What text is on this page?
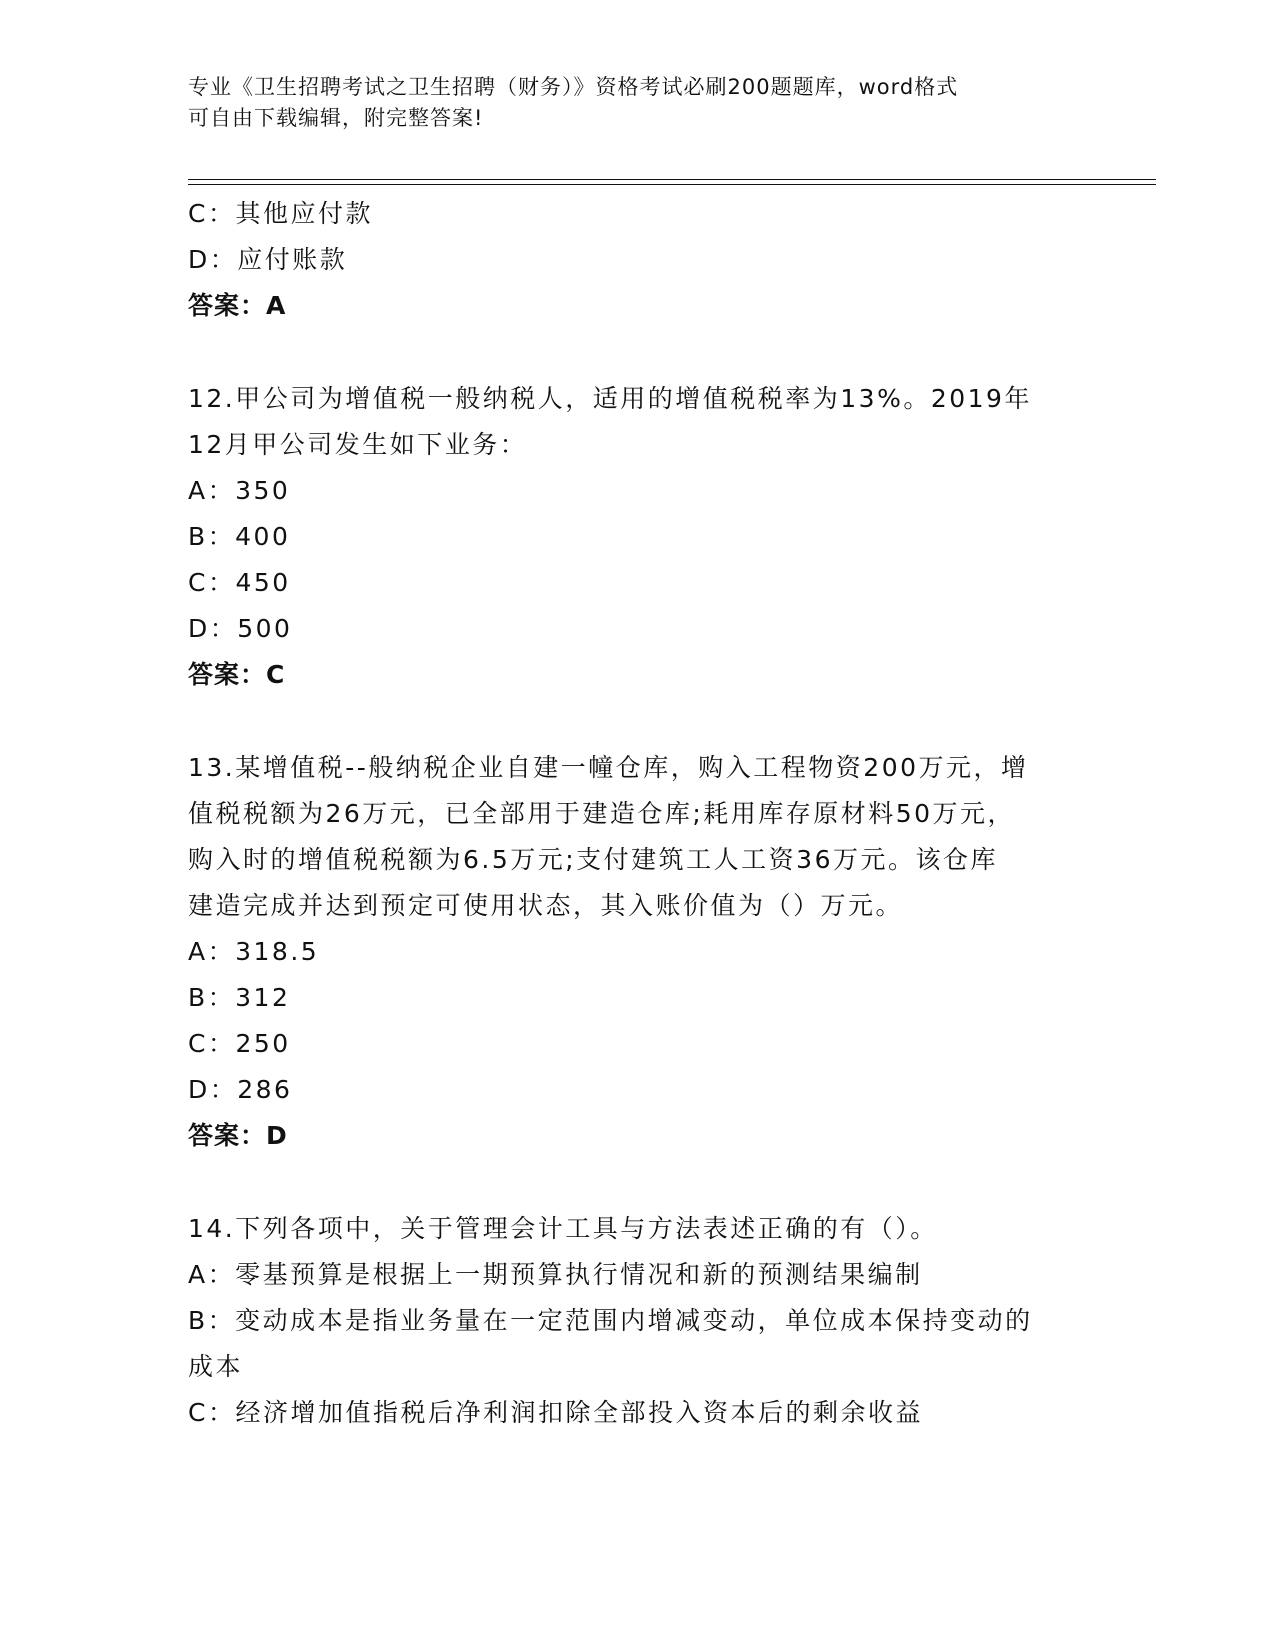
专业《卫生招聘考试之卫生招聘（财务）》资格考试必刷200题题库，word格式
可自由下载编辑，附完整答案!
C：其他应付款
D：应付账款
答案：A
12.甲公司为增值税一般纳税人，适用的增值税税率为13%。2019年
12月甲公司发生如下业务：
A：350
B：400
C：450
D：500
答案：C
13.某增值税--般纳税企业自建一幢仓库，购入工程物资200万元，增
值税税额为26万元，已全部用于建造仓库;耗用库存原材料50万元，
购入时的增值税税额为6.5万元;支付建筑工人工资36万元。该仓库
建造完成并达到预定可使用状态，其入账价值为（）万元。
A：318.5
B：312
C：250
D：286
答案：D
14.下列各项中，关于管理会计工具与方法表述正确的有（）。
A：零基预算是根据上一期预算执行情况和新的预测结果编制
B：变动成本是指业务量在一定范围内增减变动，单位成本保持变动的
成本
C：经济增加值指税后净利润扣除全部投入资本后的剩余收益
